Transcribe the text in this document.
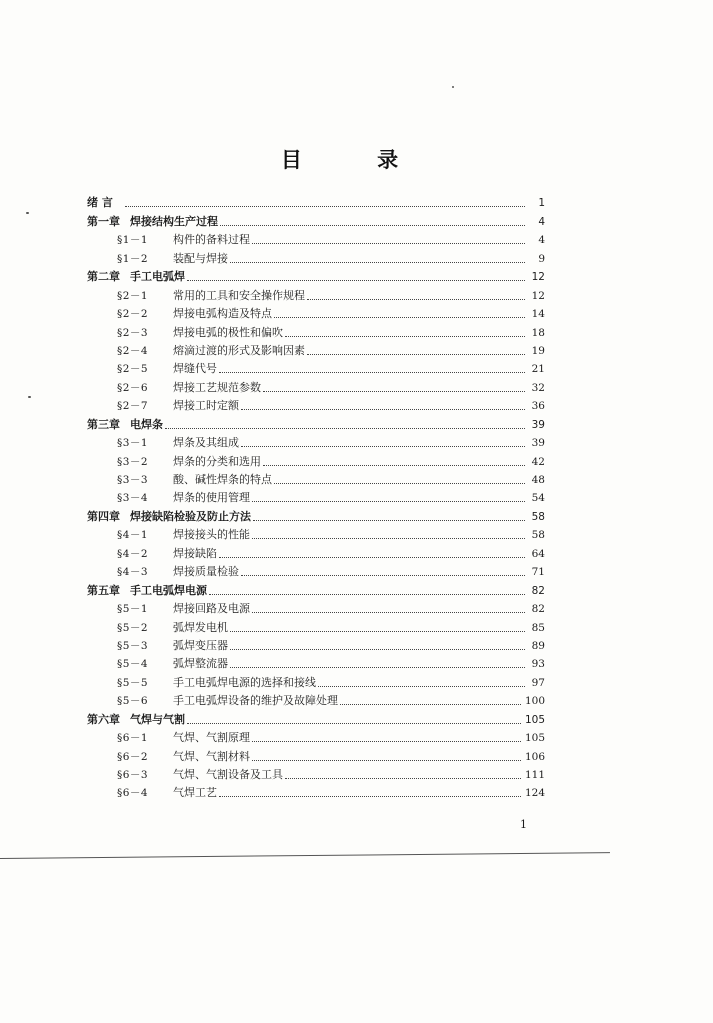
目 录
绪 言	1
第一章 焊接结构生产过程	4
§1－1	构件的备料过程	4
§1－2	装配与焊接	9
第二章 手工电弧焊	12
§2－1	常用的工具和安全操作规程	12
§2－2	焊接电弧构造及特点	14
§2－3	焊接电弧的极性和偏吹	18
§2－4	熔滴过渡的形式及影响因素	19
§2－5	焊缝代号	21
§2－6	焊接工艺规范参数	32
§2－7	焊接工时定额	36
第三章 电焊条	39
§3－1	焊条及其组成	39
§3－2	焊条的分类和选用	42
§3－3	酸、碱性焊条的特点	48
§3－4	焊条的使用管理	54
第四章 焊接缺陷检验及防止方法	58
§4－1	焊接接头的性能	58
§4－2	焊接缺陷	64
§4－3	焊接质量检验	71
第五章 手工电弧焊电源	82
§5－1	焊接回路及电源	82
§5－2	弧焊发电机	85
§5－3	弧焊变压器	89
§5－4	弧焊整流器	93
§5－5	手工电弧焊电源的选择和接线	97
§5－6	手工电弧焊设备的维护及故障处理	100
第六章 气焊与气割	105
§6－1	气焊、气割原理	105
§6－2	气焊、气割材料	106
§6－3	气焊、气割设备及工具	111
§6－4	气焊工艺	124
1
